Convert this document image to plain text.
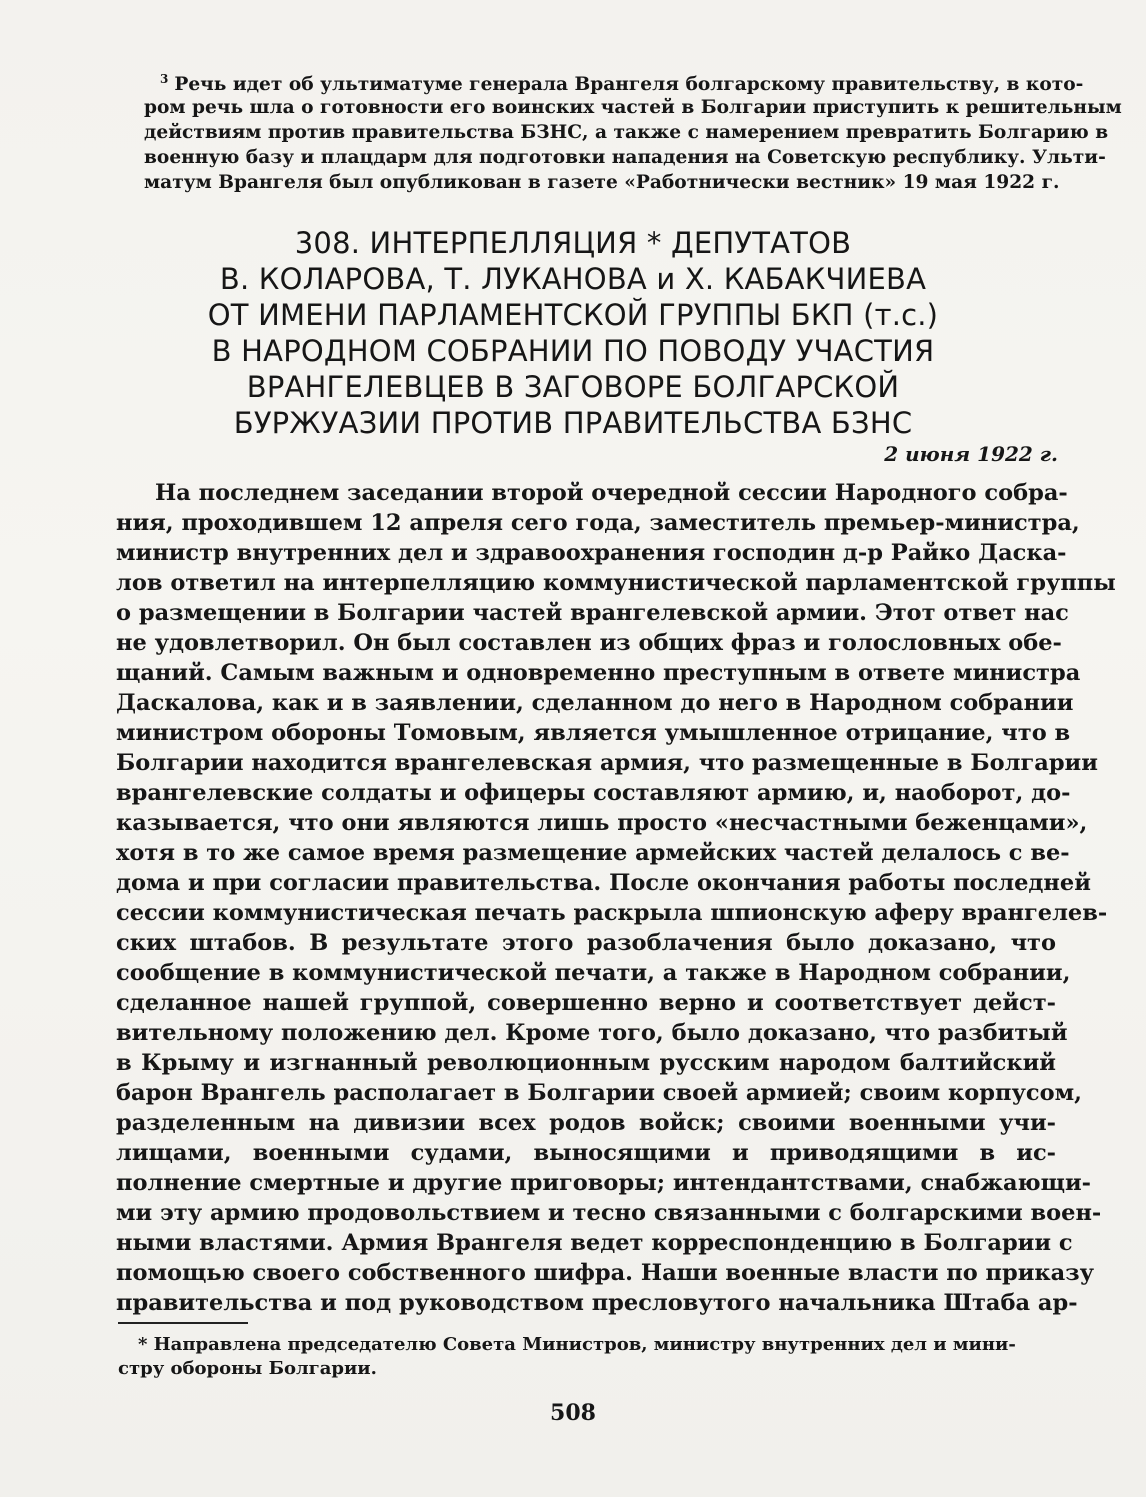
$^3$ Речь идет об ультиматуме генерала Врангеля болгарскому правительству, в кото-
ром речь шла о готовности его воинских частей в Болгарии приступить к решительным
действиям против правительства БЗНС, а также с намерением превратить Болгарию в
военную базу и плацдарм для подготовки нападения на Советскую республику. Ульти-
матум Врангеля был опубликован в газете «Работнически вестник» 19 мая 1922 г.
308. ИНТЕРПЕЛЛЯЦИЯ * ДЕПУТАТОВ
В. КОЛАРОВА, Т. ЛУКАНОВА и Х. КАБАКЧИЕВА
ОТ ИМЕНИ ПАРЛАМЕНТСКОЙ ГРУППЫ БКП (т.с.)
В НАРОДНОМ СОБРАНИИ ПО ПОВОДУ УЧАСТИЯ
ВРАНГЕЛЕВЦЕВ В ЗАГОВОРЕ БОЛГАРСКОЙ
БУРЖУАЗИИ ПРОТИВ ПРАВИТЕЛЬСТВА БЗНС
2 июня 1922 г.
На последнем заседании второй очередной сессии Народного собра-
ния, проходившем 12 апреля сего года, заместитель премьер-министра,
министр внутренних дел и здравоохранения господин д-р Райко Даска-
лов ответил на интерпелляцию коммунистической парламентской группы
о размещении в Болгарии частей врангелевской армии. Этот ответ нас
не удовлетворил. Он был составлен из общих фраз и голословных обе-
щаний. Самым важным и одновременно преступным в ответе министра
Даскалова, как и в заявлении, сделанном до него в Народном собрании
министром обороны Томовым, является умышленное отрицание, что в
Болгарии находится врангелевская армия, что размещенные в Болгарии
врангелевские солдаты и офицеры составляют армию, и, наоборот, до-
казывается, что они являются лишь просто «несчастными беженцами»,
хотя в то же самое время размещение армейских частей делалось с ве-
дома и при согласии правительства. После окончания работы последней
сессии коммунистическая печать раскрыла шпионскую аферу врангелев-
ских штабов. В результате этого разоблачения было доказано, что
сообщение в коммунистической печати, а также в Народном собрании,
сделанное нашей группой, совершенно верно и соответствует дейст-
вительному положению дел. Кроме того, было доказано, что разбитый
в Крыму и изгнанный революционным русским народом балтийский
барон Врангель располагает в Болгарии своей армией; своим корпусом,
разделенным на дивизии всех родов войск; своими военными учи-
лищами, военными судами, выносящими и приводящими в ис-
полнение смертные и другие приговоры; интендантствами, снабжающи-
ми эту армию продовольствием и тесно связанными с болгарскими воен-
ными властями. Армия Врангеля ведет корреспонденцию в Болгарии с
помощью своего собственного шифра. Наши военные власти по приказу
правительства и под руководством пресловутого начальника Штаба ар-
* Направлена председателю Совета Министров, министру внутренних дел и мини-
стру обороны Болгарии.
508
